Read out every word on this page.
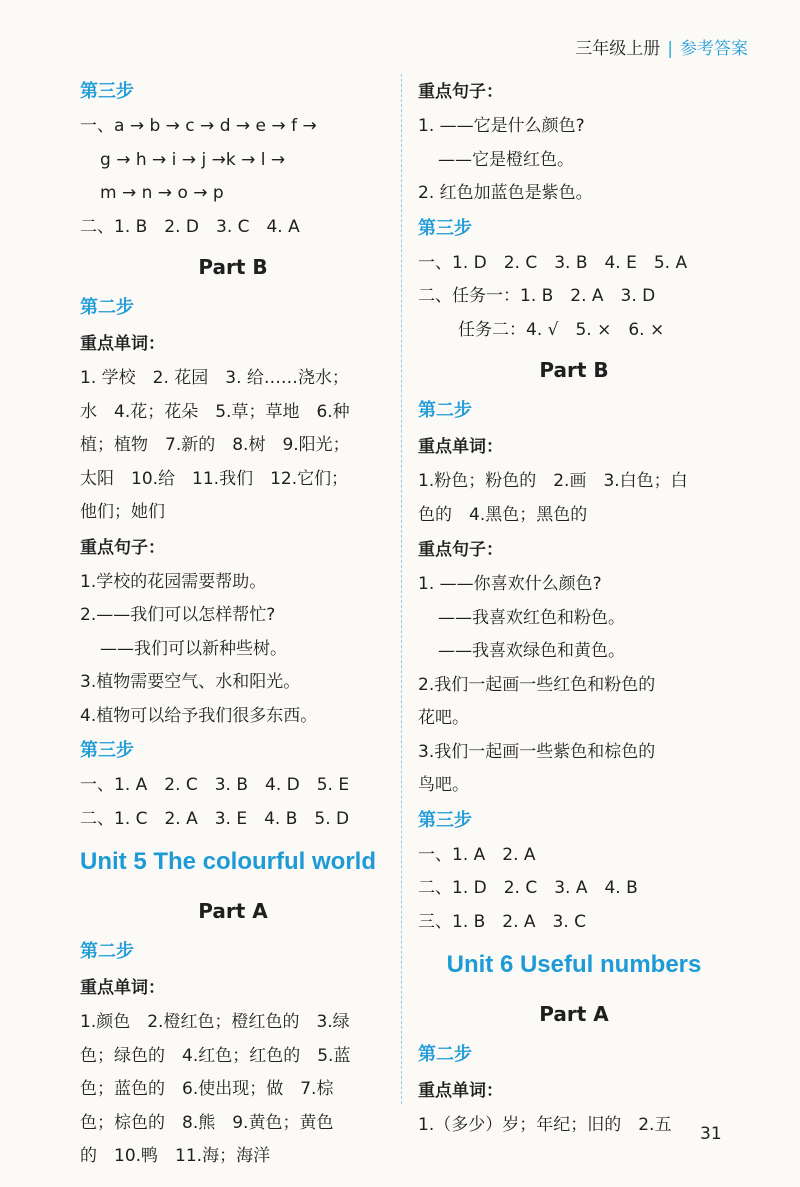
三年级上册 | 参考答案
第三步
一、a → b → c → d → e → f →
g → h → i → j →k → l →
m → n → o → p
二、1. B　2. D　3. C　4. A
Part B
第二步
重点单词：
1. 学校　2. 花园　3. 给……浇水；
水　4.花；花朵　5.草；草地　6.种
植；植物　7.新的　8.树　9.阳光；
太阳　10.给　11.我们　12.它们；
他们；她们
重点句子：
1.学校的花园需要帮助。
2.——我们可以怎样帮忙?
——我们可以新种些树。
3.植物需要空气、水和阳光。
4.植物可以给予我们很多东西。
第三步
一、1. A　2. C　3. B　4. D　5. E
二、1. C　2. A　3. E　4. B　5. D
Unit 5 The colourful world
Part A
第二步
重点单词：
1.颜色　2.橙红色；橙红色的　3.绿
色；绿色的　4.红色；红色的　5.蓝
色；蓝色的　6.使出现；做　7.棕
色；棕色的　8.熊　9.黄色；黄色
的　10.鸭　11.海；海洋
重点句子：
1. ——它是什么颜色?
——它是橙红色。
2. 红色加蓝色是紫色。
第三步
一、1. D　2. C　3. B　4. E　5. A
二、任务一：1. B　2. A　3. D
任务二：4. √　5. ×　6. ×
Part B
第二步
重点单词：
1.粉色；粉色的　2.画　3.白色；白
色的　4.黑色；黑色的
重点句子：
1. ——你喜欢什么颜色?
——我喜欢红色和粉色。
——我喜欢绿色和黄色。
2.我们一起画一些红色和粉色的
花吧。
3.我们一起画一些紫色和棕色的
鸟吧。
第三步
一、1. A　2. A
二、1. D　2. C　3. A　4. B
三、1. B　2. A　3. C
Unit 6 Useful numbers
Part A
第二步
重点单词：
1.（多少）岁；年纪；旧的　2.五	31
